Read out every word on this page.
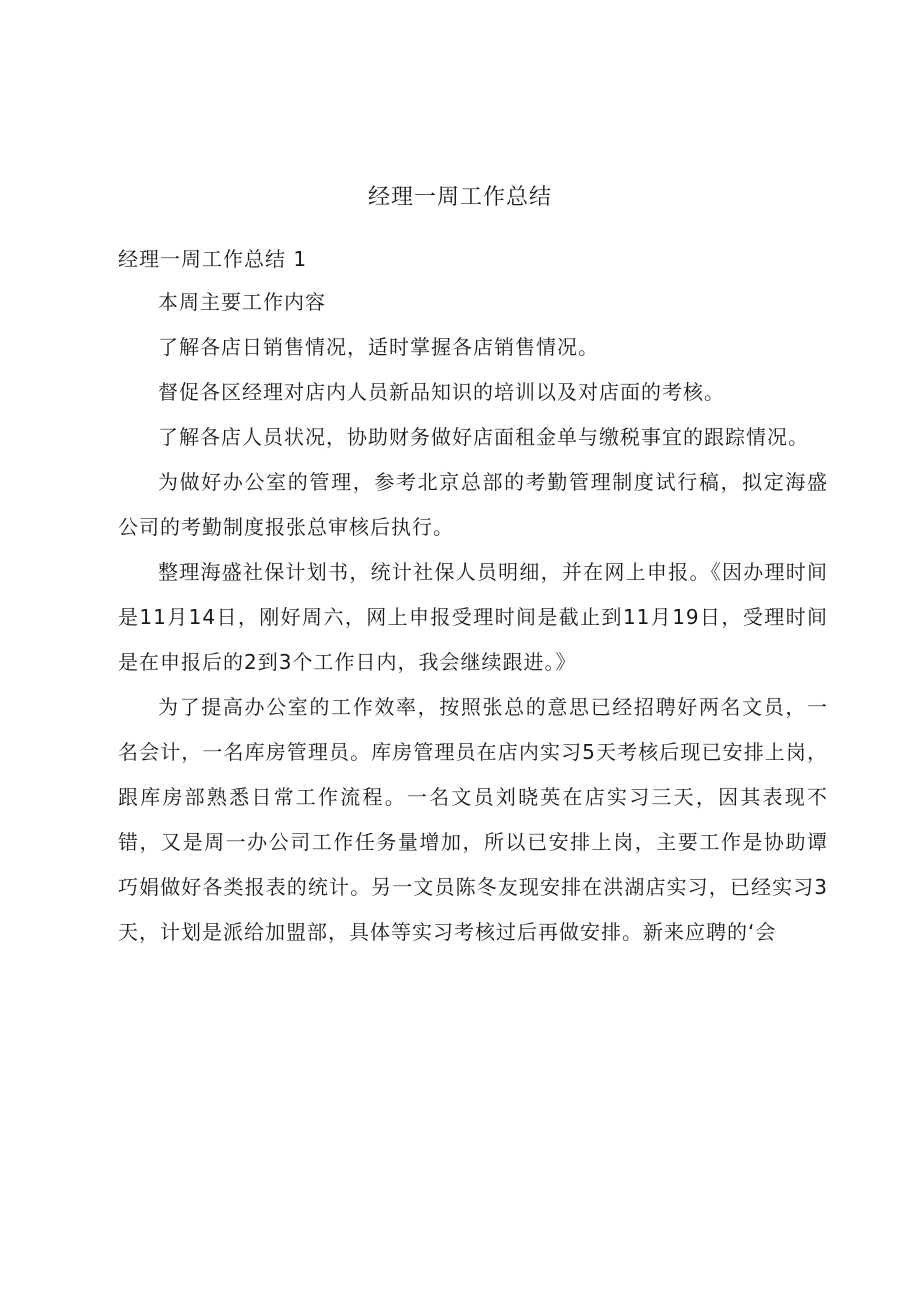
经理一周工作总结
经理一周工作总结 1

本周主要工作内容

了解各店日销售情况，适时掌握各店销售情况。

督促各区经理对店内人员新品知识的培训以及对店面的考核。

了解各店人员状况，协助财务做好店面租金单与缴税事宜的跟踪情况。

为做好办公室的管理，参考北京总部的考勤管理制度试行稿，拟定海盛公司的考勤制度报张总审核后执行。

整理海盛社保计划书，统计社保人员明细，并在网上申报。《因办理时间是11月14日，刚好周六，网上申报受理时间是截止到11月19日，受理时间是在申报后的2到3个工作日内，我会继续跟进。》

为了提高办公室的工作效率，按照张总的意思已经招聘好两名文员，一名会计，一名库房管理员。库房管理员在店内实习5天考核后现已安排上岗，跟库房部熟悉日常工作流程。一名文员刘晓英在店实习三天，因其表现不错，又是周一办公司工作任务量增加，所以已安排上岗，主要工作是协助谭巧娟做好各类报表的统计。另一文员陈冬友现安排在洪湖店实习，已经实习3天，计划是派给加盟部，具体等实习考核过后再做安排。新来应聘的‘会
